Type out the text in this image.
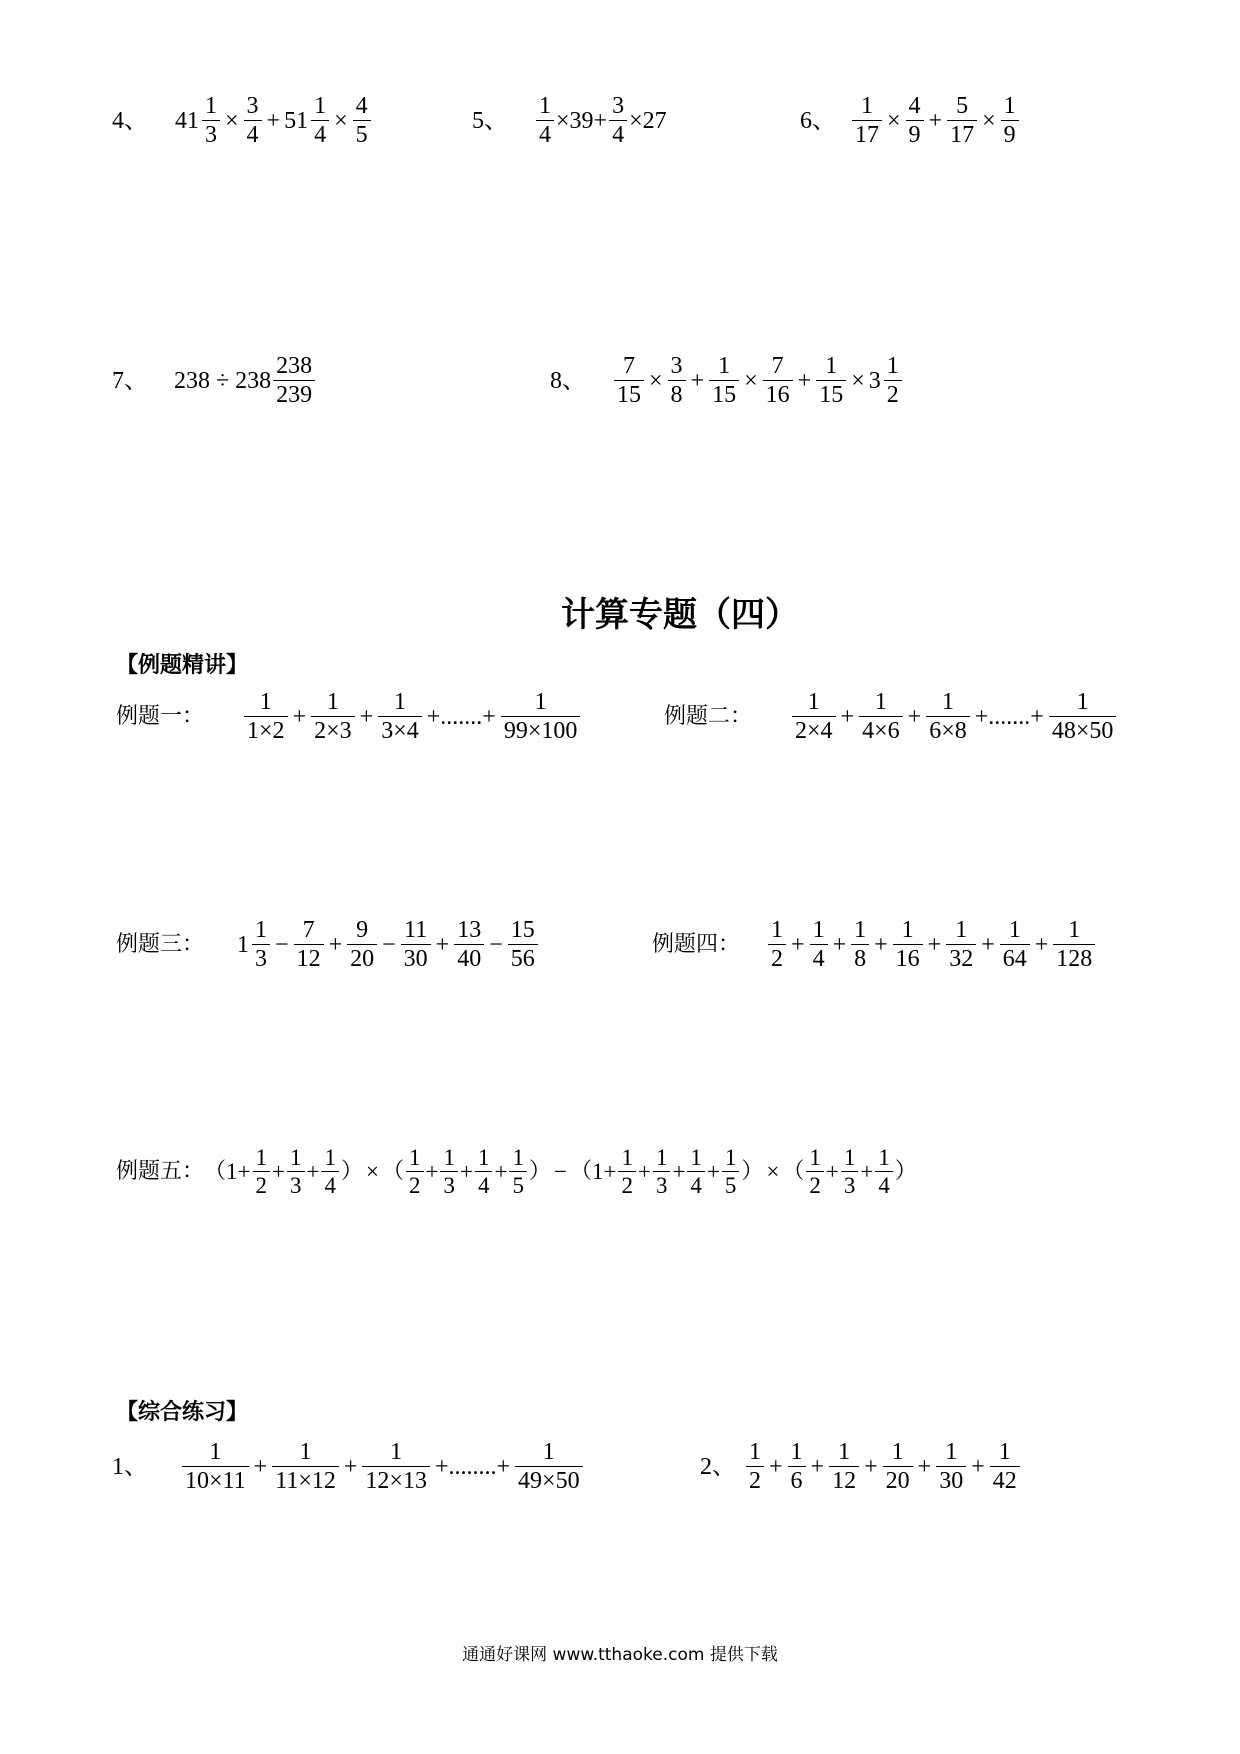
4、 $41 \frac{1}{3} \times \frac{3}{4} + 51 \frac{1}{4} \times \frac{4}{5}$	5、 $\frac{1}{4} \times 39+ \frac{3}{4} \times 27$	6、 $\frac{1}{17} \times \frac{4}{9} + \frac{5}{17} \times \frac{1}{9}$
7、 $238 \div 238 \frac{238}{239}$	8、 $\frac{7}{15} \times \frac{3}{8} + \frac{1}{15} \times \frac{7}{16} + \frac{1}{15} \times 3 \frac{1}{2}$
计算专题（四）
【例题精讲】
例题一： $\frac{1}{1\times 2} + \frac{1}{2\times 3} + \frac{1}{3\times 4}$ +.......+ $\frac{1}{99\times 100}$	例题二： $\frac{1}{2\times 4} + \frac{1}{4\times 6} + \frac{1}{6\times 8}$ +.......+ $\frac{1}{48\times 50}$
例题三： $1 \frac{1}{3} - \frac{7}{12} + \frac{9}{20} - \frac{11}{30} + \frac{13}{40} - \frac{15}{56}$	例题四： $\frac{1}{2} + \frac{1}{4} + \frac{1}{8} + \frac{1}{16} + \frac{1}{32} + \frac{1}{64} + \frac{1}{128}$
例题五： （ $1+ \frac{1}{2} + \frac{1}{3} + \frac{1}{4}$ ） × （ $\frac{1}{2} + \frac{1}{3} + \frac{1}{4} + \frac{1}{5}$ ） − （ $1+ \frac{1}{2} + \frac{1}{3} + \frac{1}{4} + \frac{1}{5}$ ） × （ $\frac{1}{2} + \frac{1}{3} + \frac{1}{4}$ ）
【综合练习】
1、 $\frac{1}{10\times 11} + \frac{1}{11\times 12} + \frac{1}{12\times 13}$ +........+ $\frac{1}{49\times 50}$	2、 $\frac{1}{2} + \frac{1}{6} + \frac{1}{12} + \frac{1}{20} + \frac{1}{30} + \frac{1}{42}$
通通好课网 www.tthaoke.com 提供下载
